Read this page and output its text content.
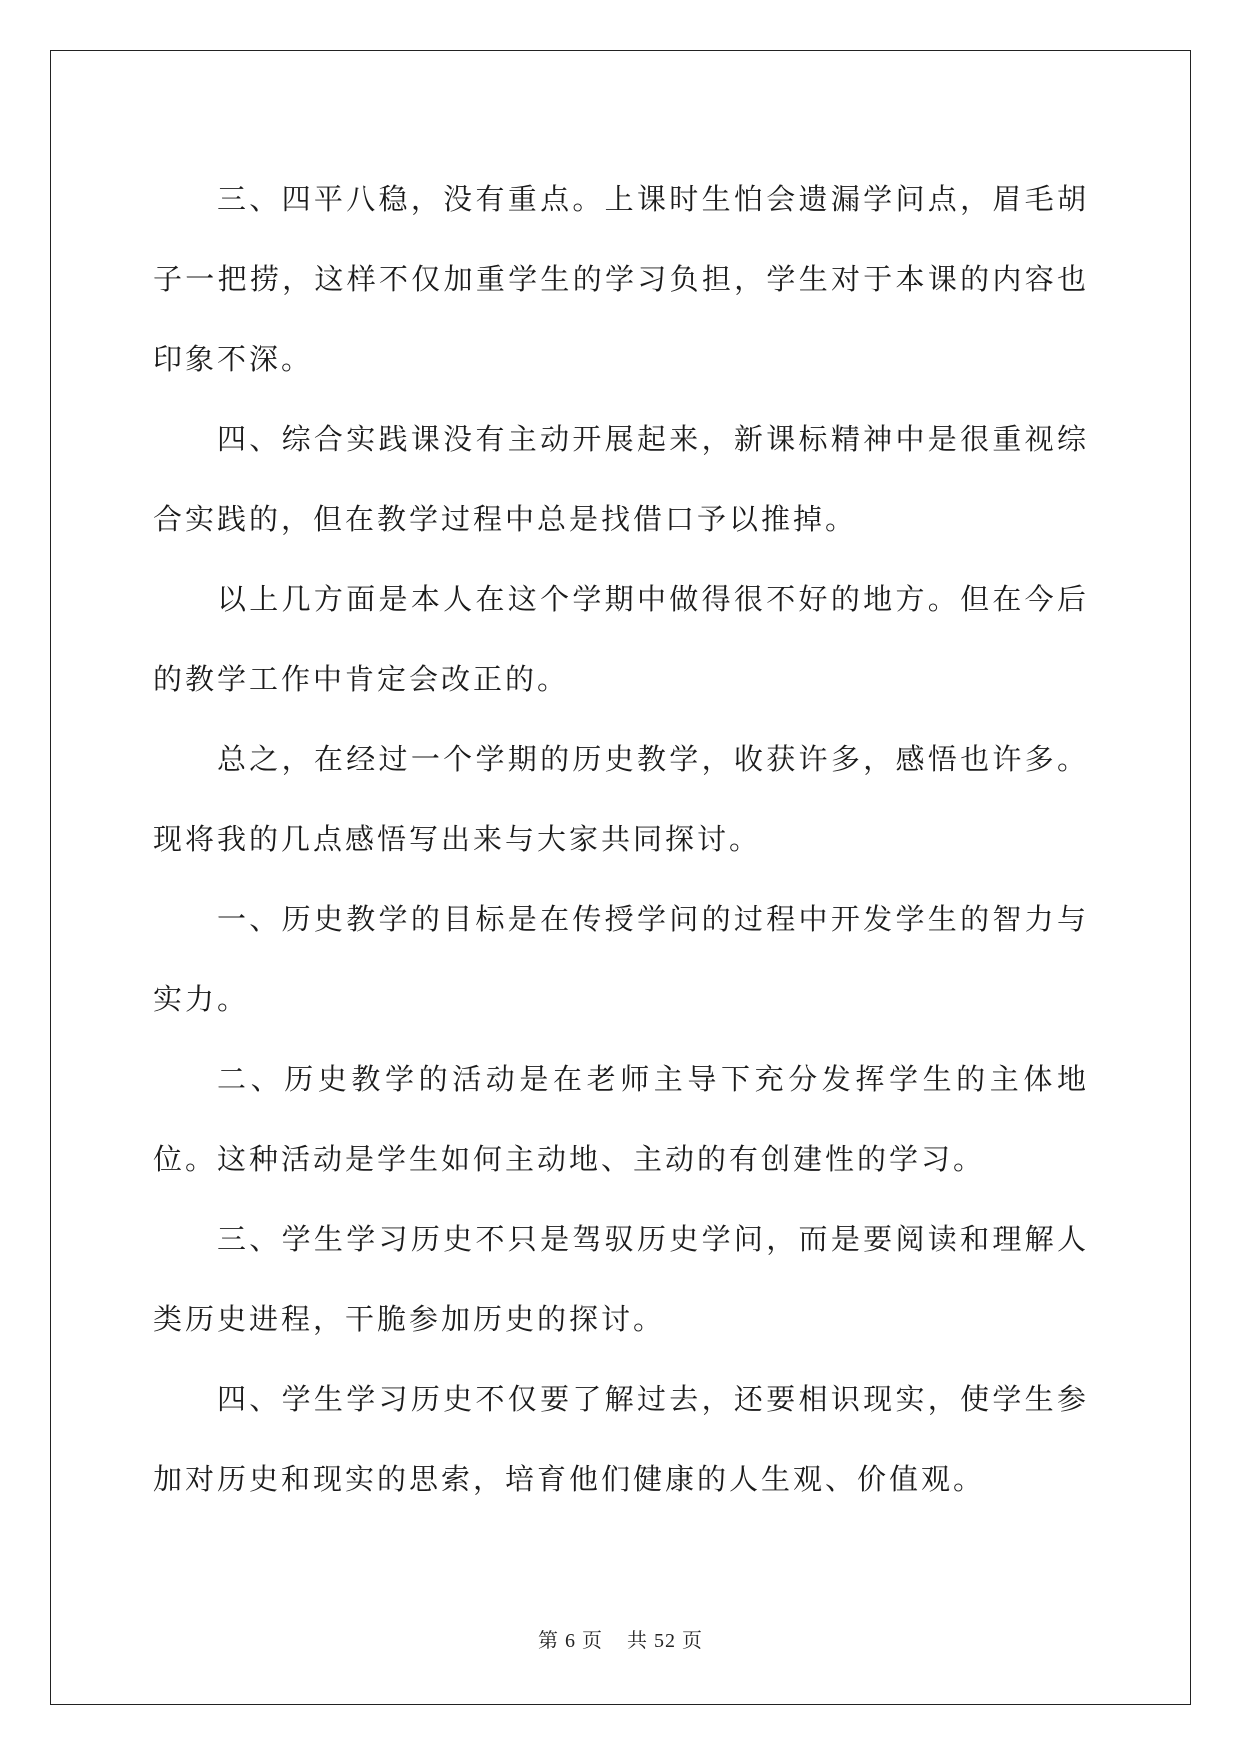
三、四平八稳，没有重点。上课时生怕会遗漏学问点，眉毛胡子一把捞，这样不仅加重学生的学习负担，学生对于本课的内容也印象不深。

四、综合实践课没有主动开展起来，新课标精神中是很重视综合实践的，但在教学过程中总是找借口予以推掉。

以上几方面是本人在这个学期中做得很不好的地方。但在今后的教学工作中肯定会改正的。

总之，在经过一个学期的历史教学，收获许多，感悟也许多。现将我的几点感悟写出来与大家共同探讨。

一、历史教学的目标是在传授学问的过程中开发学生的智力与实力。

二、历史教学的活动是在老师主导下充分发挥学生的主体地位。这种活动是学生如何主动地、主动的有创建性的学习。

三、学生学习历史不只是驾驭历史学问，而是要阅读和理解人类历史进程，干脆参加历史的探讨。

四、学生学习历史不仅要了解过去，还要相识现实，使学生参加对历史和现实的思索，培育他们健康的人生观、价值观。

第 6 页    共 52 页
